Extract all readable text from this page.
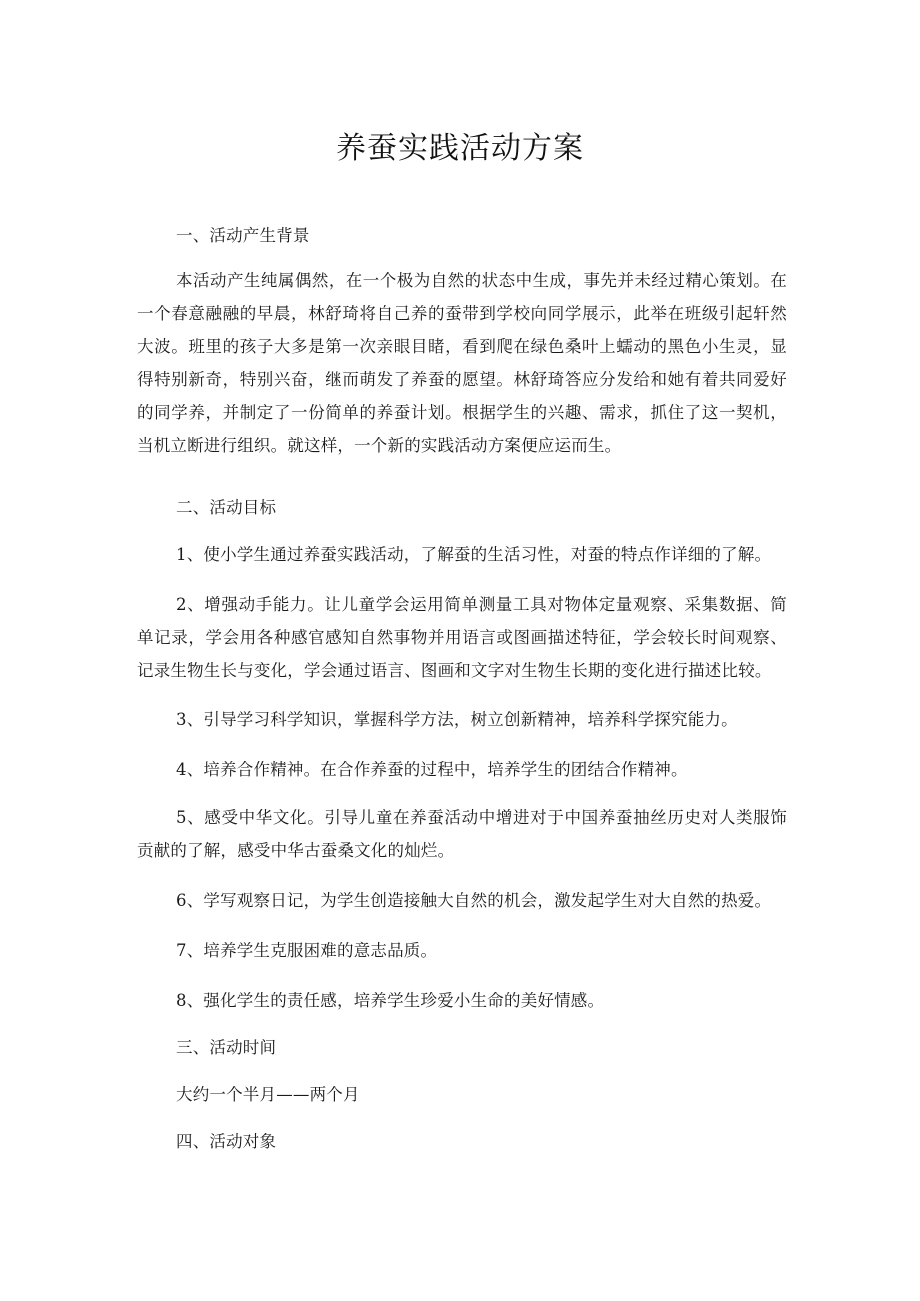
养蚕实践活动方案
一、活动产生背景
本活动产生纯属偶然，在一个极为自然的状态中生成，事先并未经过精心策划。在一个春意融融的早晨，林舒琦将自己养的蚕带到学校向同学展示，此举在班级引起轩然大波。班里的孩子大多是第一次亲眼目睹，看到爬在绿色桑叶上蠕动的黑色小生灵，显得特别新奇，特别兴奋，继而萌发了养蚕的愿望。林舒琦答应分发给和她有着共同爱好的同学养，并制定了一份简单的养蚕计划。根据学生的兴趣、需求，抓住了这一契机，当机立断进行组织。就这样，一个新的实践活动方案便应运而生。
二、活动目标
1、使小学生通过养蚕实践活动，了解蚕的生活习性，对蚕的特点作详细的了解。
2、增强动手能力。让儿童学会运用简单测量工具对物体定量观察、采集数据、简单记录，学会用各种感官感知自然事物并用语言或图画描述特征，学会较长时间观察、记录生物生长与变化，学会通过语言、图画和文字对生物生长期的变化进行描述比较。
3、引导学习科学知识，掌握科学方法，树立创新精神，培养科学探究能力。
4、培养合作精神。在合作养蚕的过程中，培养学生的团结合作精神。
5、感受中华文化。引导儿童在养蚕活动中增进对于中国养蚕抽丝历史对人类服饰贡献的了解，感受中华古蚕桑文化的灿烂。
6、学写观察日记，为学生创造接触大自然的机会，激发起学生对大自然的热爱。
7、培养学生克服困难的意志品质。
8、强化学生的责任感，培养学生珍爱小生命的美好情感。
三、活动时间
大约一个半月——两个月
四、活动对象
